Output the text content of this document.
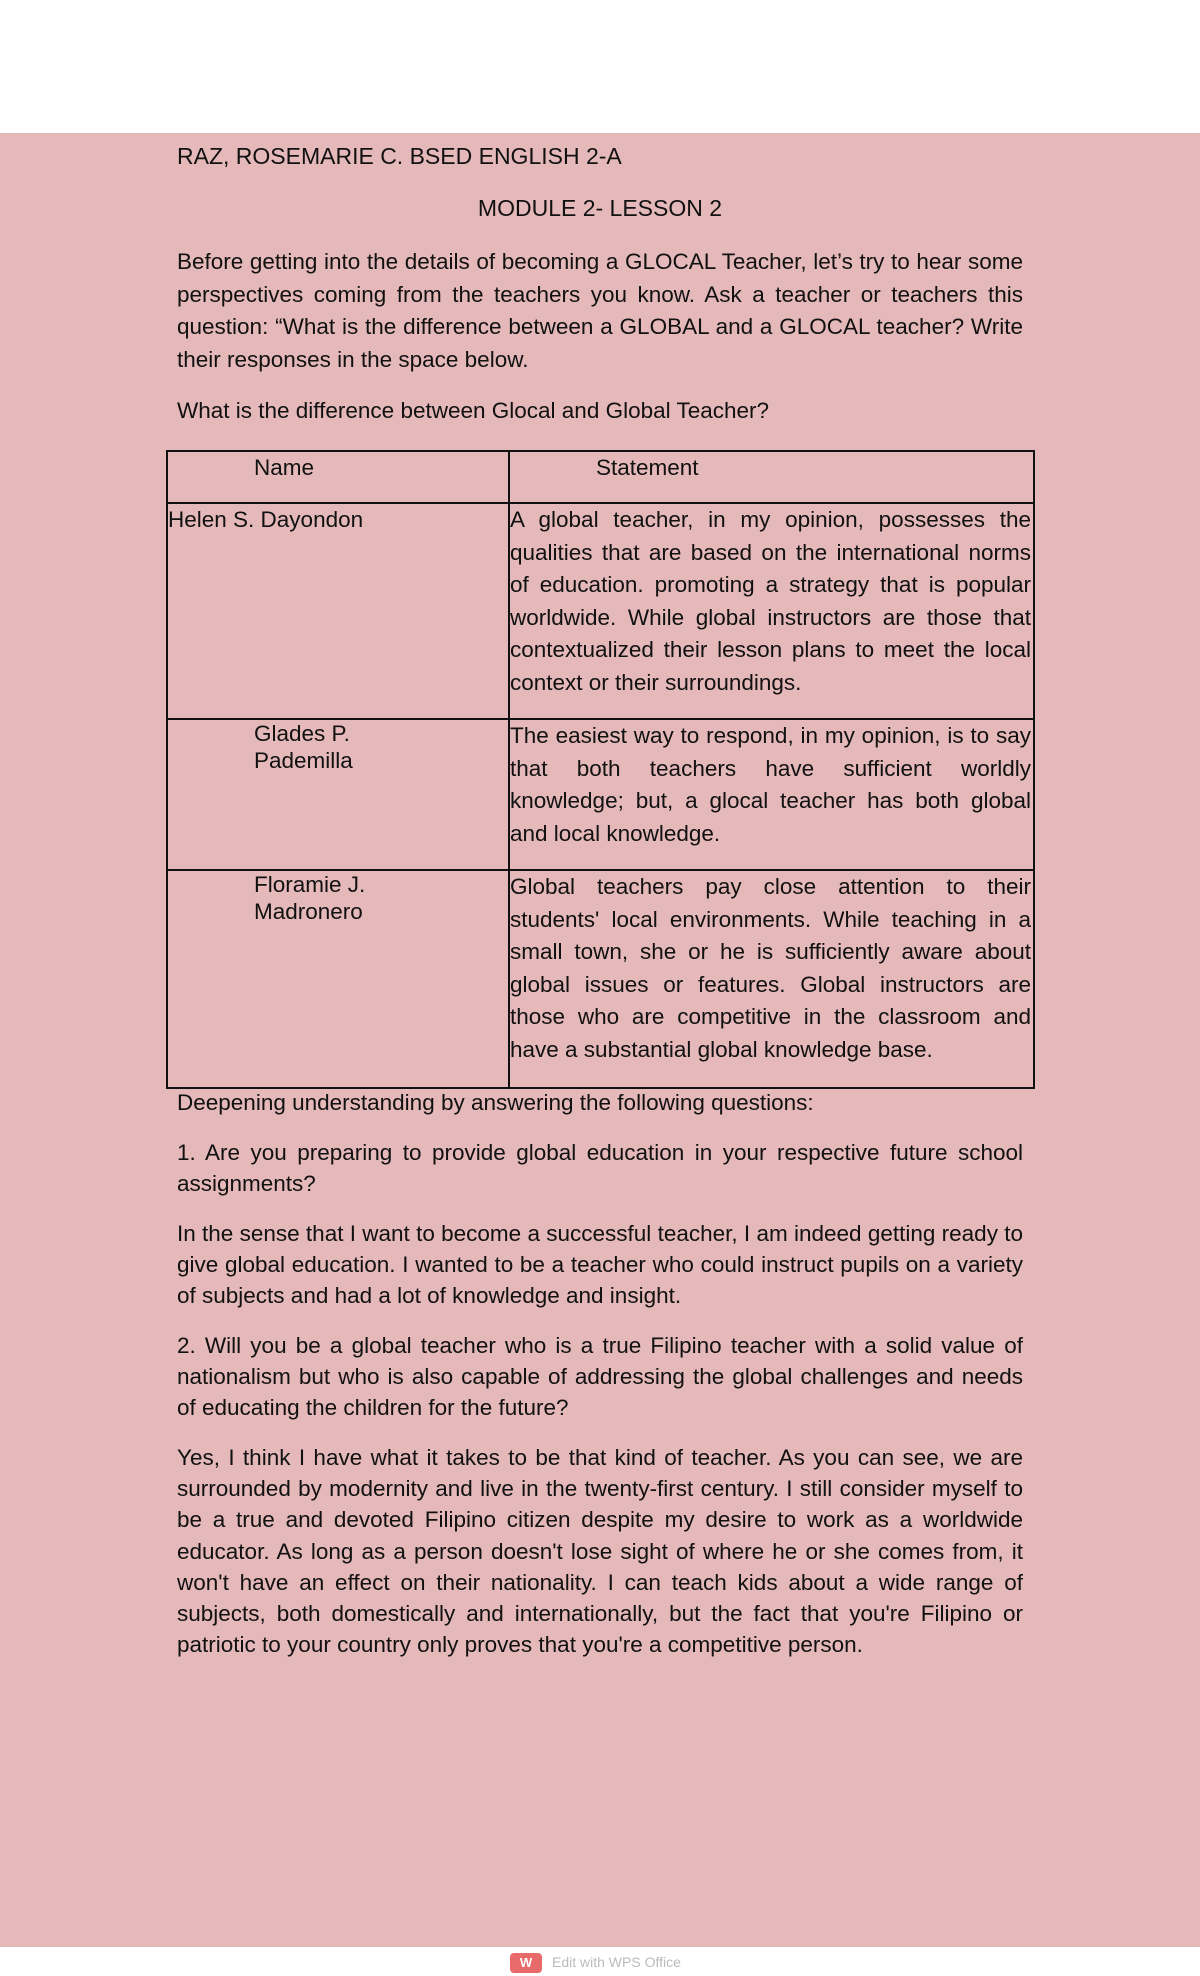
RAZ, ROSEMARIE C. BSED ENGLISH 2-A
MODULE 2- LESSON 2

Before getting into the details of becoming a GLOCAL Teacher, let’s try to hear some perspectives coming from the teachers you know. Ask a teacher or teachers this question: “What is the difference between a GLOBAL and a GLOCAL teacher? Write their responses in the space below.

What is the difference between Glocal and Global Teacher?

Name	Statement
Helen S. Dayondon	A global teacher, in my opinion, possesses the qualities that are based on the international norms of education. promoting a strategy that is popular worldwide. While global instructors are those that contextualized their lesson plans to meet the local context or their surroundings.

Glades P.
Pademilla	The easiest way to respond, in my opinion, is to say that both teachers have sufficient worldly knowledge; but, a glocal teacher has both global and local knowledge.

Floramie J.
Madronero	Global teachers pay close attention to their students' local environments. While teaching in a small town, she or he is sufficiently aware about global issues or features. Global instructors are those who are competitive in the classroom and have a substantial global knowledge base.

Deepening understanding by answering the following questions:

1. Are you preparing to provide global education in your respective future school assignments?

In the sense that I want to become a successful teacher, I am indeed getting ready to give global education. I wanted to be a teacher who could instruct pupils on a variety of subjects and had a lot of knowledge and insight.

2. Will you be a global teacher who is a true Filipino teacher with a solid value of nationalism but who is also capable of addressing the global challenges and needs of educating the children for the future?

Yes, I think I have what it takes to be that kind of teacher. As you can see, we are surrounded by modernity and live in the twenty-first century. I still consider myself to be a true and devoted Filipino citizen despite my desire to work as a worldwide educator. As long as a person doesn't lose sight of where he or she comes from, it won't have an effect on their nationality. I can teach kids about a wide range of subjects, both domestically and internationally, but the fact that you're Filipino or patriotic to your country only proves that you're a competitive person.

W	Edit with WPS Office
